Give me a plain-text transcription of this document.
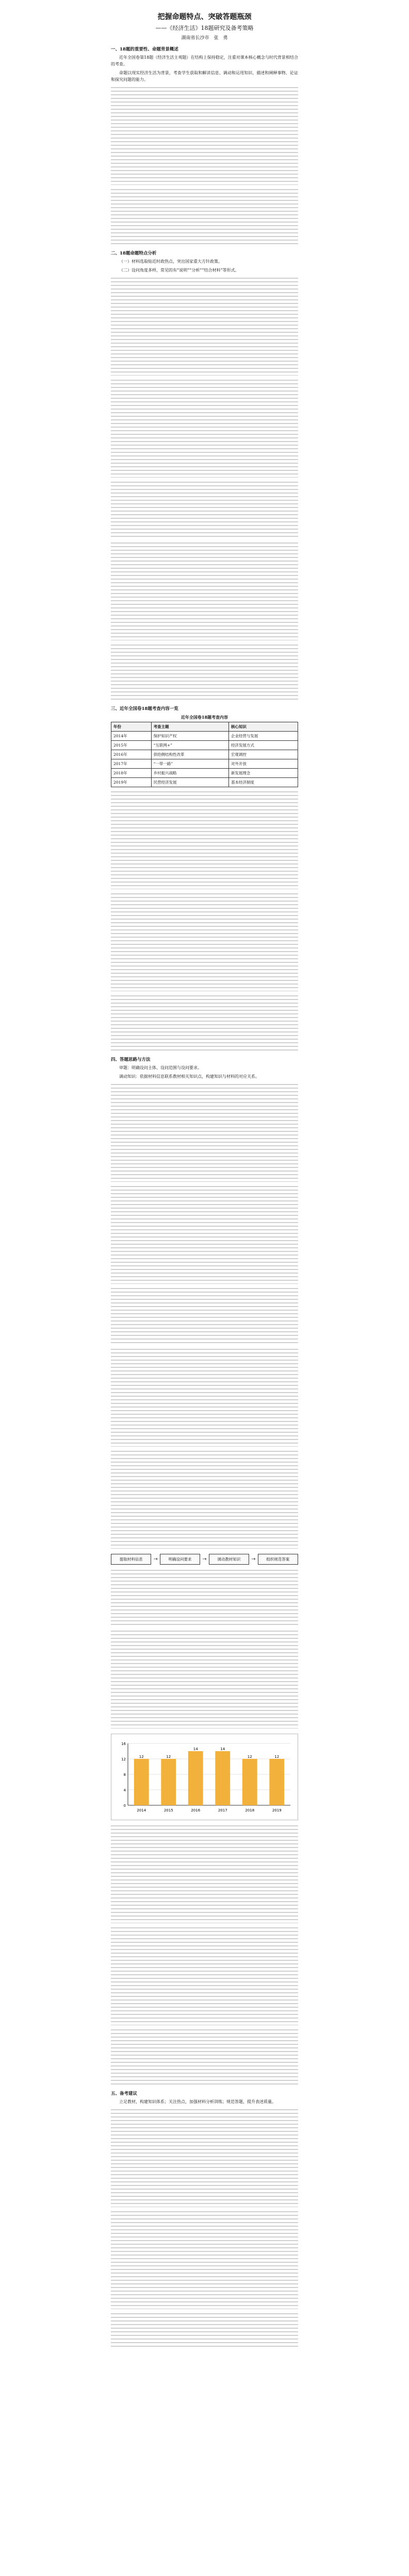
把握命题特点、突破答题瓶颈
——《经济生活》18题研究及备考策略
湖南省长沙市　张　勇
一、18题的重要性、命题背景概述

近年全国卷第18题（经济生活主观题）在结构上保持稳定，注重对课本核心概念与时代背景相结合的考查。

命题以现实经济生活为背景，考查学生获取和解读信息、调动和运用知识、描述和阐释事物、论证和探究问题的能力。

二、18题命题特点分析

（一）材料选取贴近时政热点，突出国家重大方针政策。

（二）设问角度多样，常见的有“说明”“分析”“结合材料”等形式。

三、近年全国卷18题考查内容一览
近年全国卷18题考查内容
年份	考查主题	核心知识
2014年	保护知识产权	企业经营与发展
2015年	“互联网+”	经济发展方式
2016年	供给侧结构性改革	宏观调控
2017年	“一带一路”	对外开放
2018年	乡村振兴战略	新发展理念
2019年	民营经济发展	基本经济制度
四、答题思路与方法

审题：明确设问主体、设问范围与设问要求。

调动知识：依据材料信息联系教材相关知识点，构建知识与材料的对应关系。

提取材料信息	→	明确设问要求	→	调动教材知识	→	组织规范答案
0
4
8
12
16
12
2014
12
2015
14
2016
14
2017
12
2018
12
2019
五、备考建议

立足教材，构建知识体系；关注热点，加强材料分析训练；规范答题，提升表述质量。
